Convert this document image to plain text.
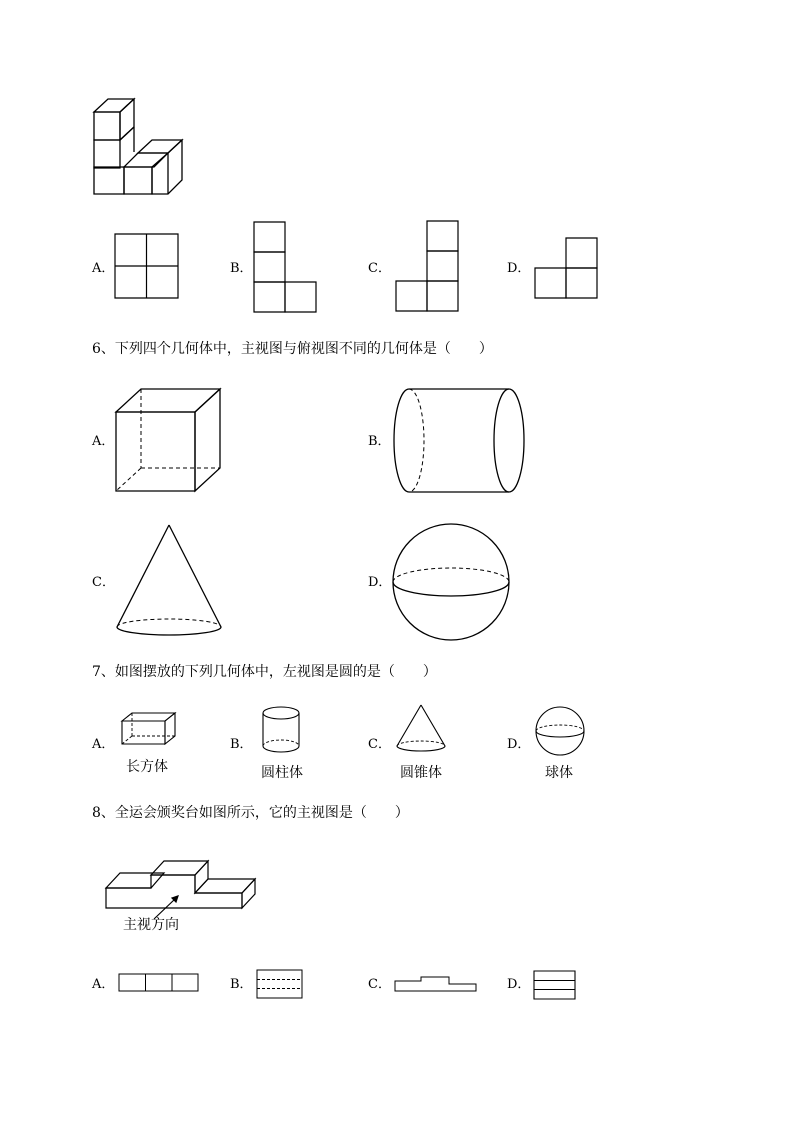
A．	B．	C．	D．
6、下列四个几何体中，主视图与俯视图不同的几何体是（　　）
A．	B．
C．	D．
7、如图摆放的下列几何体中，左视图是圆的是（　　）
A．
长方体
B．
圆柱体
C．
圆锥体
D．
球体
8、全运会颁奖台如图所示，它的主视图是（　　）
主视方向
A．	B．	C．	D．
